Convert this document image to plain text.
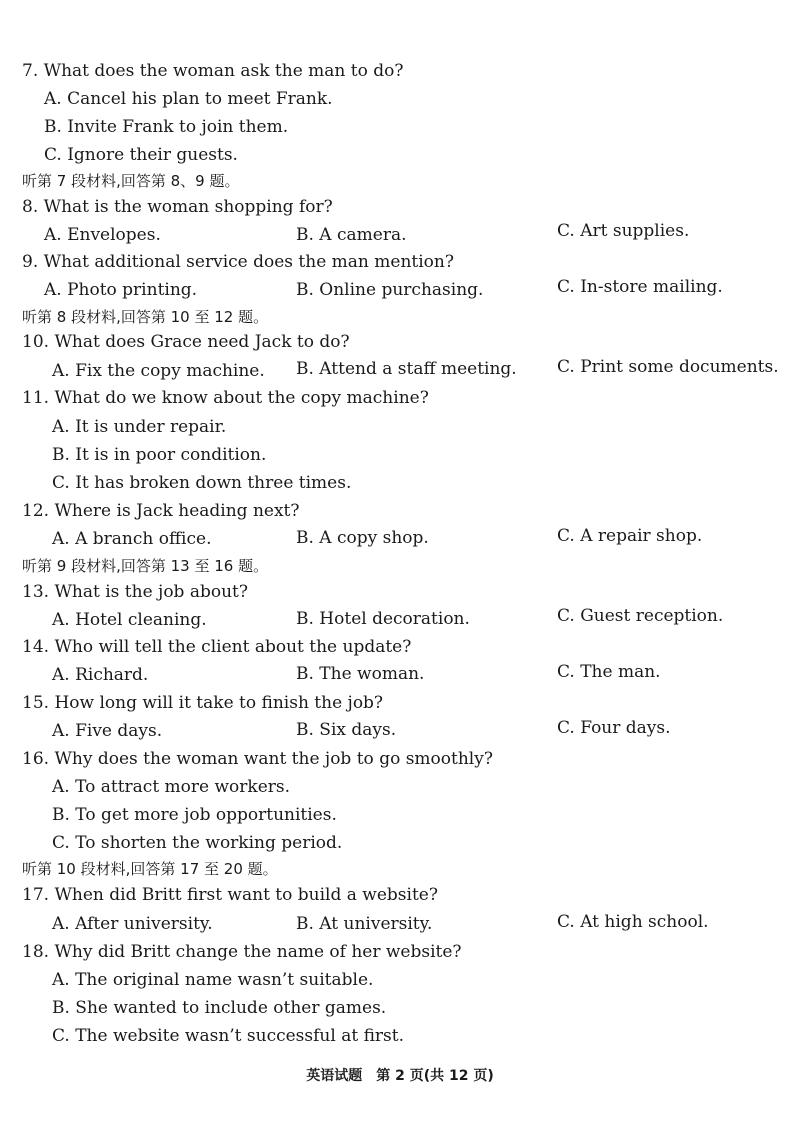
7. What does the woman ask the man to do?
A. Cancel his plan to meet Frank.
B. Invite Frank to join them.
C. Ignore their guests.
听第 7 段材料,回答第 8、9 题。
8. What is the woman shopping for?
A. Envelopes.	B. A camera.	C. Art supplies.
9. What additional service does the man mention?
A. Photo printing.	B. Online purchasing.	C. In-store mailing.
听第 8 段材料,回答第 10 至 12 题。
10. What does Grace need Jack to do?
A. Fix the copy machine. B. Attend a staff meeting. C. Print some documents.
11. What do we know about the copy machine?
A. It is under repair.
B. It is in poor condition.
C. It has broken down three times.
12. Where is Jack heading next?
A. A branch office.	B. A copy shop.	C. A repair shop.
听第 9 段材料,回答第 13 至 16 题。
13. What is the job about?
A. Hotel cleaning.	B. Hotel decoration.	C. Guest reception.
14. Who will tell the client about the update?
A. Richard.	B. The woman.	C. The man.
15. How long will it take to finish the job?
A. Five days.	B. Six days.	C. Four days.
16. Why does the woman want the job to go smoothly?
A. To attract more workers.
B. To get more job opportunities.
C. To shorten the working period.
听第 10 段材料,回答第 17 至 20 题。
17. When did Britt first want to build a website?
A. After university.	B. At university.	C. At high school.
18. Why did Britt change the name of her website?
A. The original name wasn’t suitable.
B. She wanted to include other games.
C. The website wasn’t successful at first.
英语试题　第 2 页(共 12 页)
